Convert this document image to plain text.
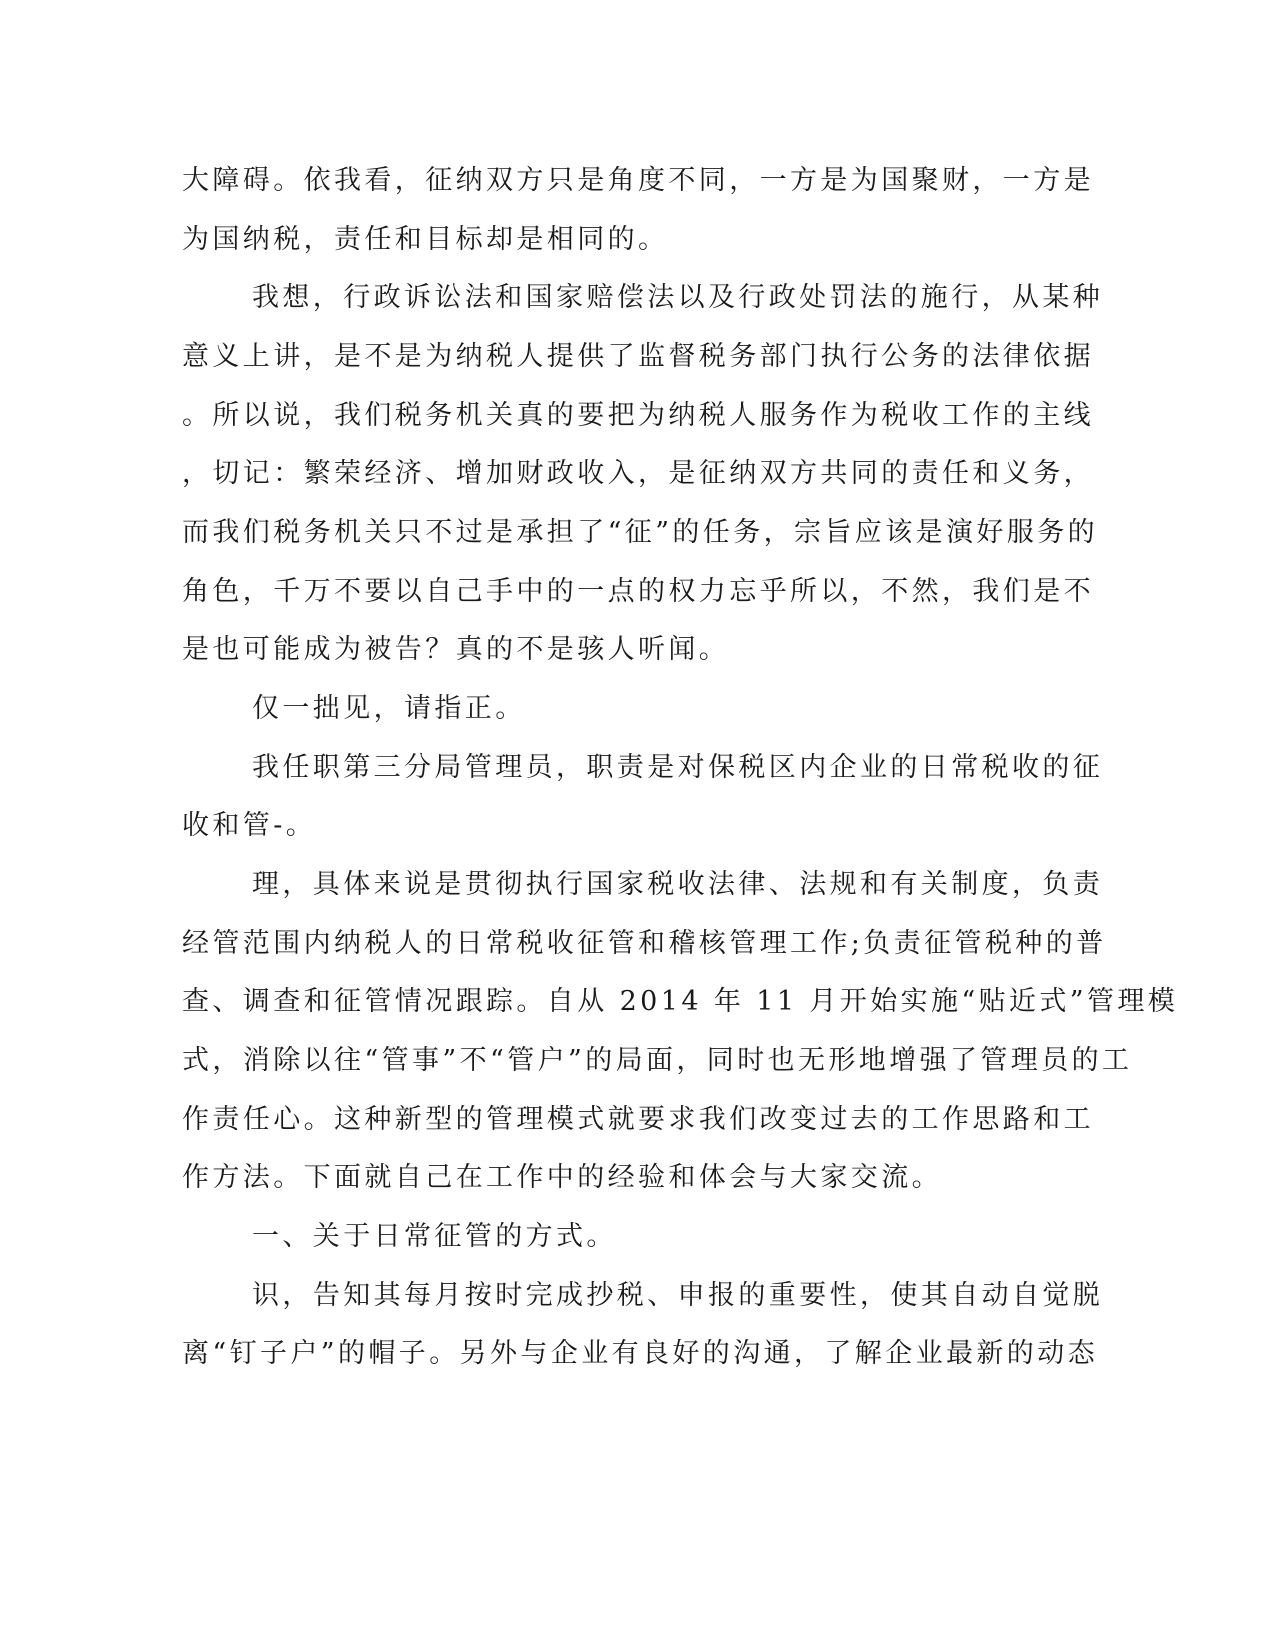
大障碍。依我看，征纳双方只是角度不同，一方是为国聚财，一方是
为国纳税，责任和目标却是相同的。
我想，行政诉讼法和国家赔偿法以及行政处罚法的施行，从某种
意义上讲，是不是为纳税人提供了监督税务部门执行公务的法律依据
。所以说，我们税务机关真的要把为纳税人服务作为税收工作的主线
，切记：繁荣经济、增加财政收入，是征纳双方共同的责任和义务，
而我们税务机关只不过是承担了“征”的任务，宗旨应该是演好服务的
角色，千万不要以自己手中的一点的权力忘乎所以，不然，我们是不
是也可能成为被告？真的不是骇人听闻。
仅一拙见，请指正。
我任职第三分局管理员，职责是对保税区内企业的日常税收的征
收和管-。
理，具体来说是贯彻执行国家税收法律、法规和有关制度，负责
经管范围内纳税人的日常税收征管和稽核管理工作;负责征管税种的普
查、调查和征管情况跟踪。自从 2014 年 11 月开始实施“贴近式”管理模
式，消除以往“管事”不“管户”的局面，同时也无形地增强了管理员的工
作责任心。这种新型的管理模式就要求我们改变过去的工作思路和工
作方法。下面就自己在工作中的经验和体会与大家交流。
一、关于日常征管的方式。
识，告知其每月按时完成抄税、申报的重要性，使其自动自觉脱
离“钉子户”的帽子。另外与企业有良好的沟通，了解企业最新的动态
